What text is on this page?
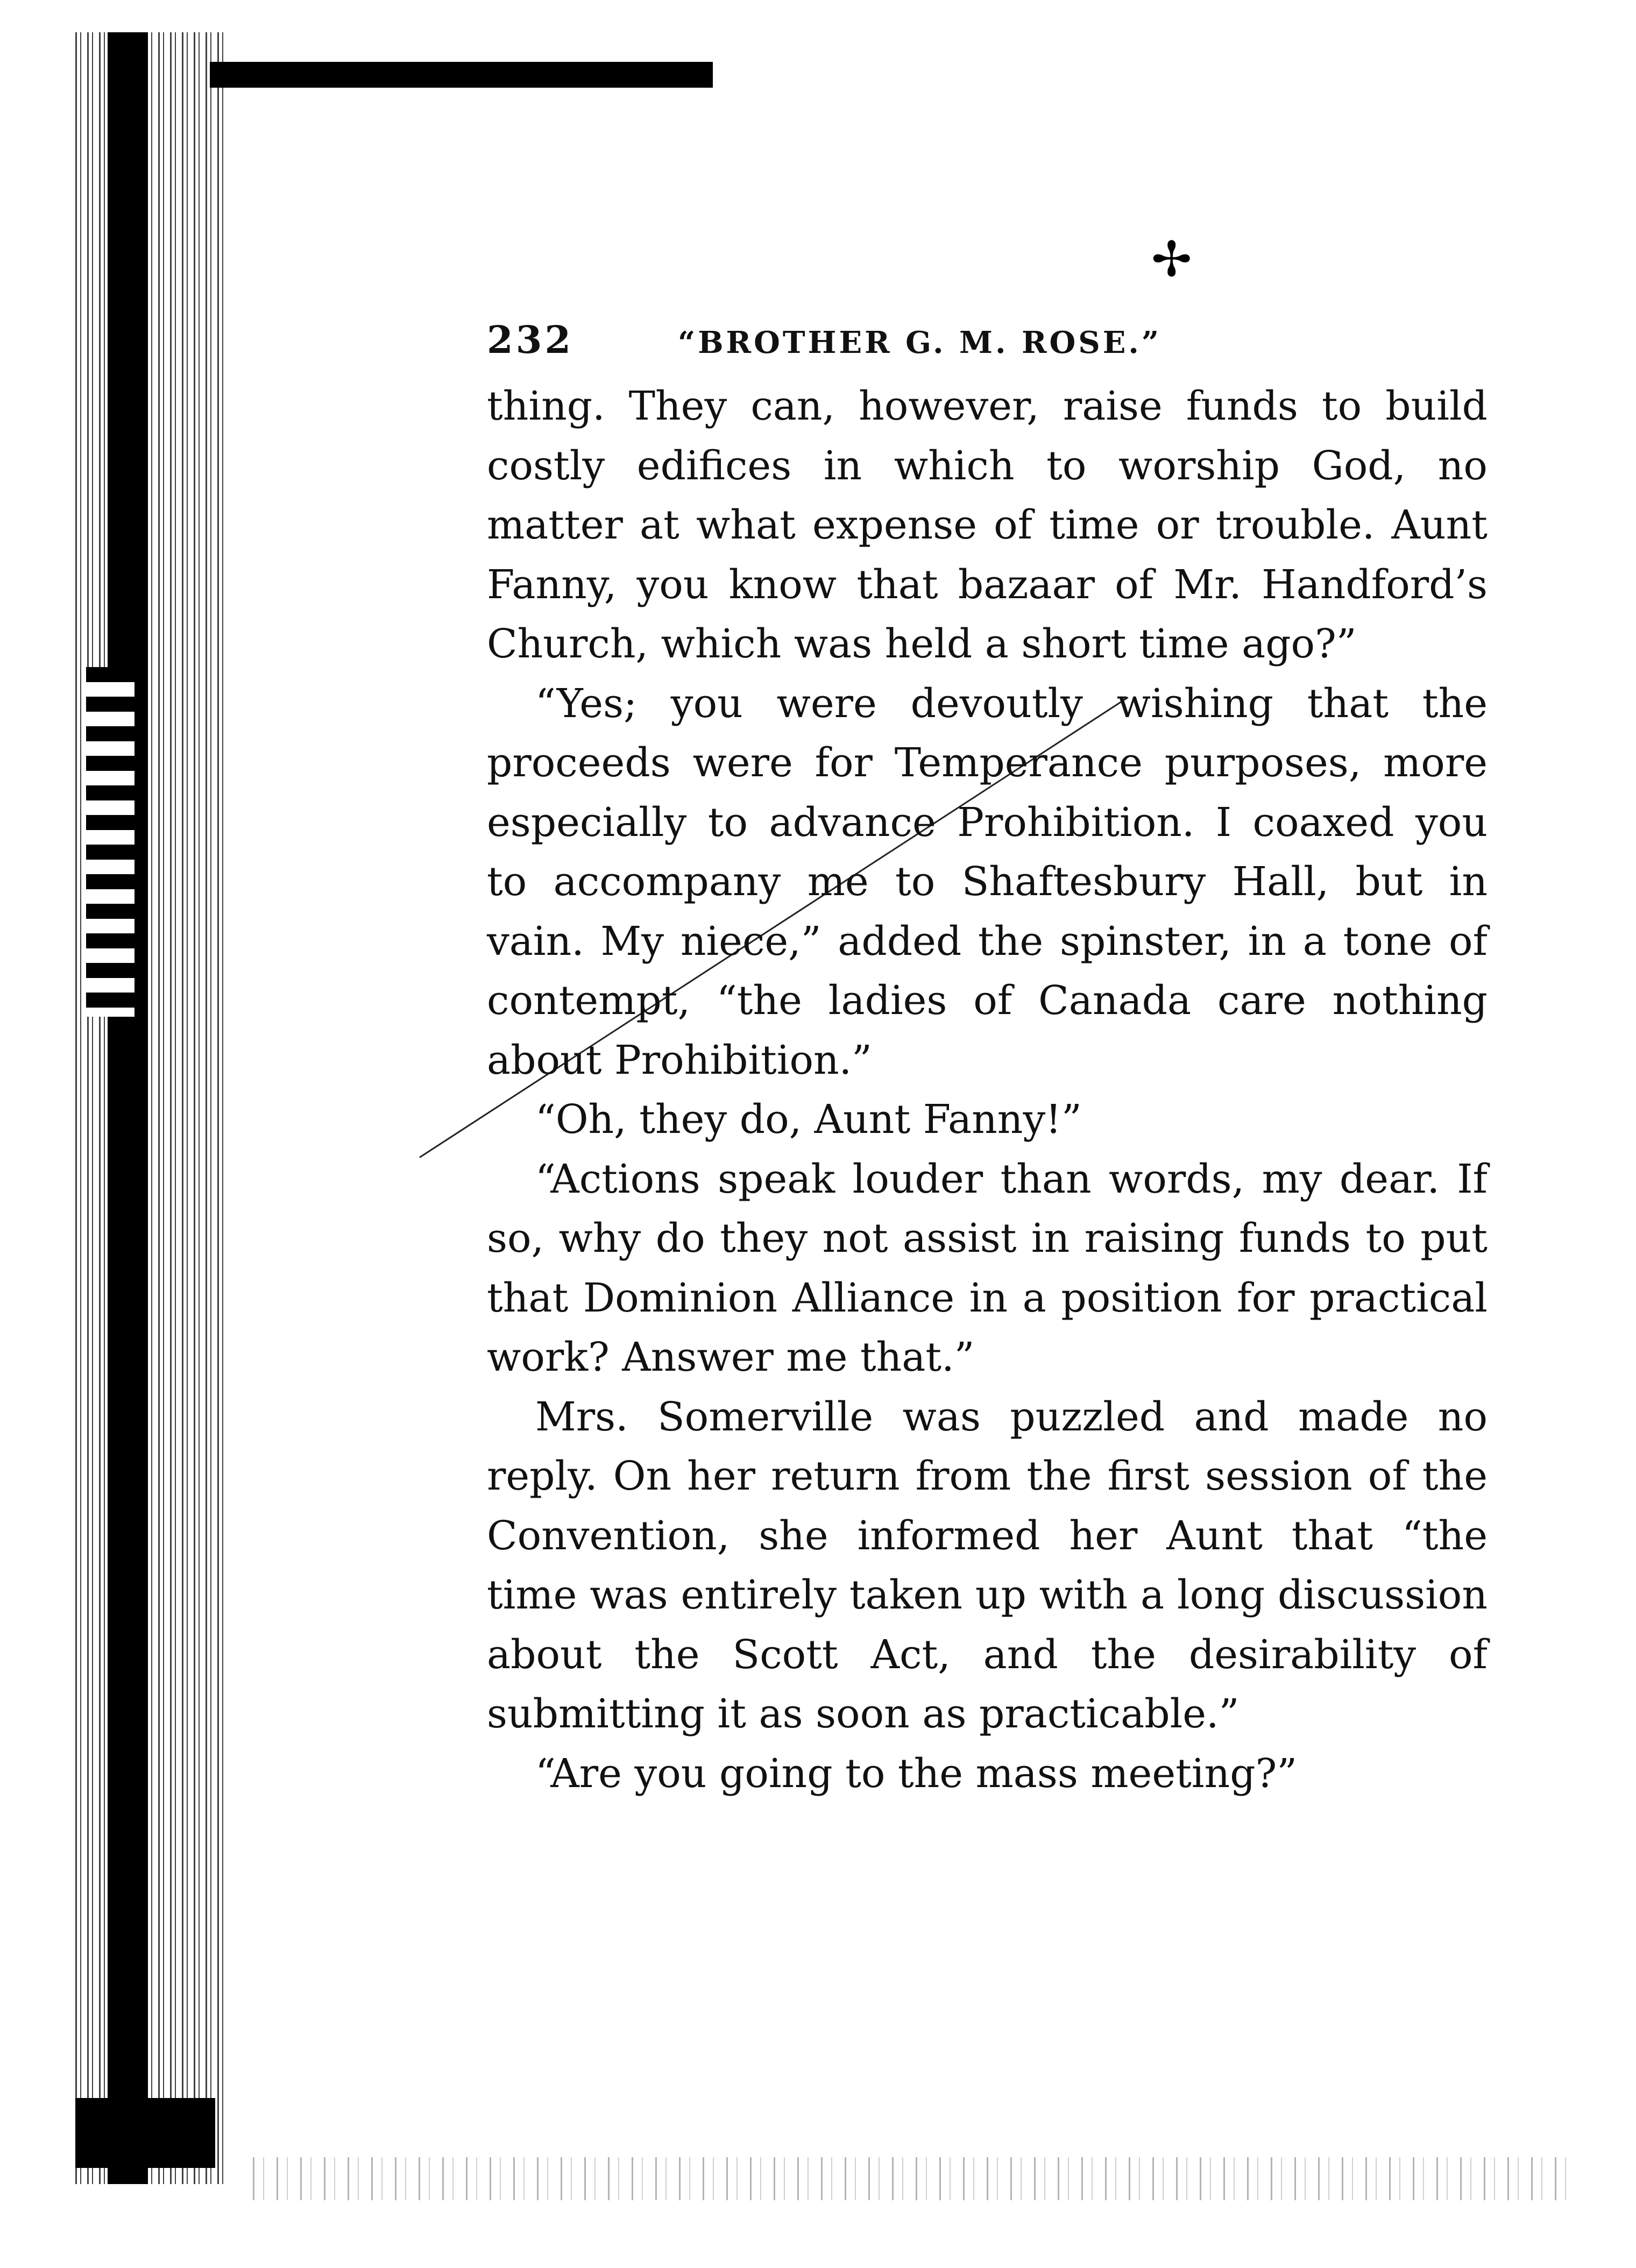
✢
232	“BROTHER G. M. ROSE.”

thing. They can, however, raise funds to build costly edifices in which to worship God, no matter at what expense of time or trouble. Aunt Fanny, you know that bazaar of Mr. Handford’s Church, which was held a short time ago?”

“Yes; you were devoutly wishing that the proceeds were for Temperance purposes, more especially to advance Prohibition. I coaxed you to accompany me to Shaftesbury Hall, but in vain. My niece,” added the spinster, in a tone of contempt, “the ladies of Canada care nothing about Prohibition.”

“Oh, they do, Aunt Fanny!”

“Actions speak louder than words, my dear. If so, why do they not assist in raising funds to put that Dominion Alliance in a position for practical work? Answer me that.”

Mrs. Somerville was puzzled and made no reply. On her return from the first session of the Convention, she informed her Aunt that “the time was entirely taken up with a long discussion about the Scott Act, and the desirability of submitting it as soon as practicable.”

“Are you going to the mass meeting?”
